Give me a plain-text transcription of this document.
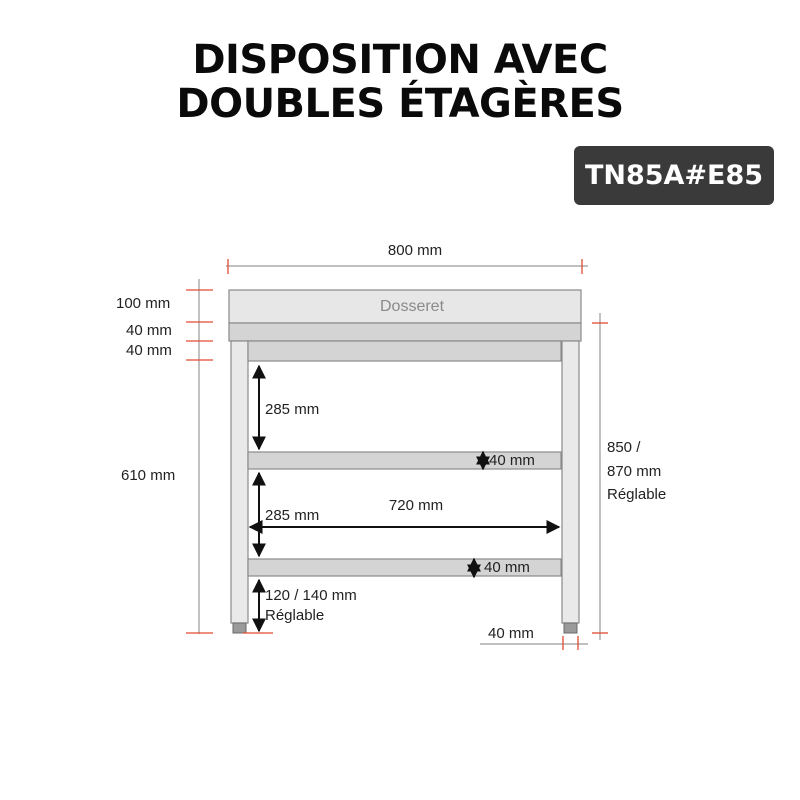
DISPOSITION AVEC
DOUBLES ÉTAGÈRES
TN85A#E85
800 mm
Dosseret
100 mm
40 mm
40 mm
610 mm
285 mm
285 mm
40 mm
40 mm
720 mm
120 / 140 mm
Réglable
40 mm
850 /
870 mm
Réglable
